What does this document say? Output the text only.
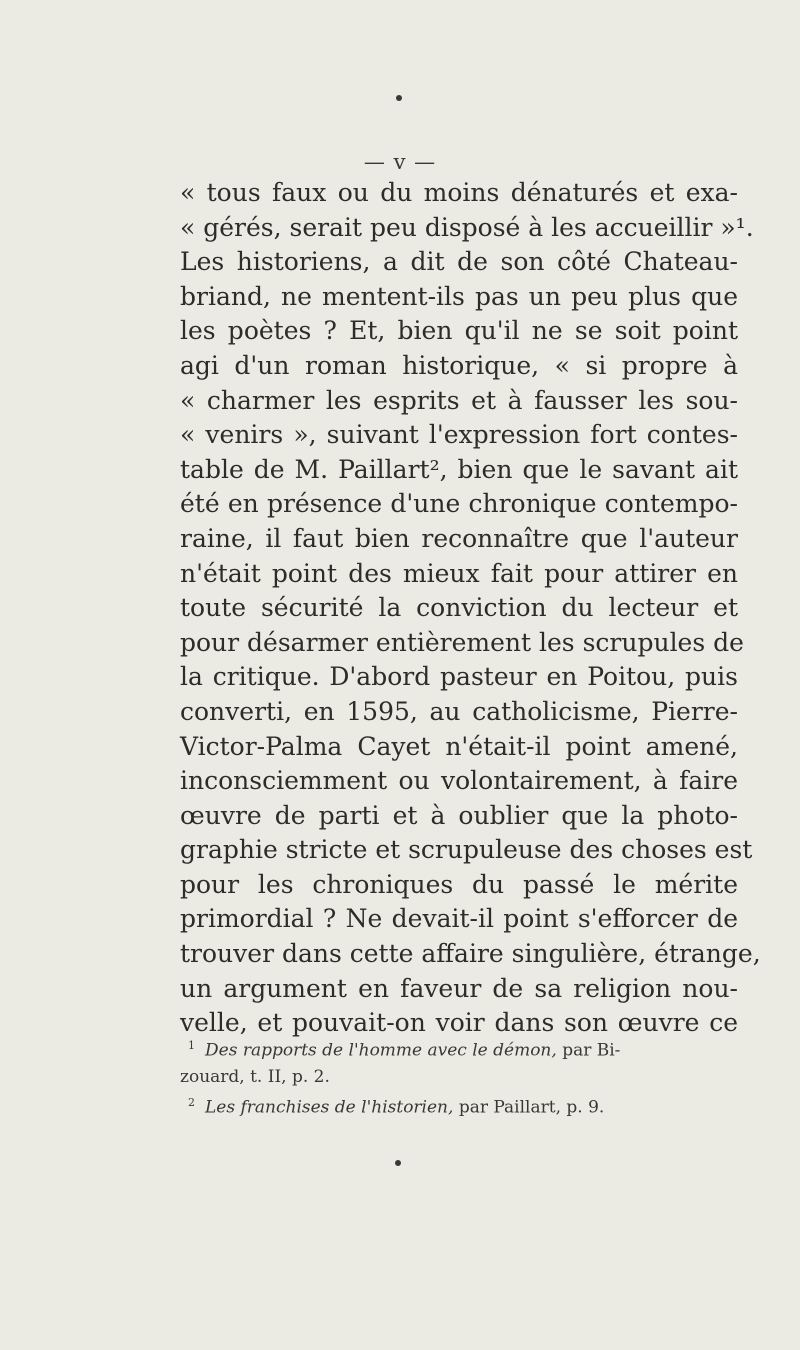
— v —
« tous faux ou du moins dénaturés et exa-
« gérés, serait peu disposé à les accueillir »¹.
Les historiens, a dit de son côté Chateau-
briand, ne mentent-ils pas un peu plus que
les poètes ? Et, bien qu'il ne se soit point
agi d'un roman historique, « si propre à
« charmer les esprits et à fausser les sou-
« venirs », suivant l'expression fort contes-
table de M. Paillart², bien que le savant ait
été en présence d'une chronique contempo-
raine, il faut bien reconnaître que l'auteur
n'était point des mieux fait pour attirer en
toute sécurité la conviction du lecteur et
pour désarmer entièrement les scrupules de
la critique. D'abord pasteur en Poitou, puis
converti, en 1595, au catholicisme, Pierre-
Victor-Palma Cayet n'était-il point amené,
inconsciemment ou volontairement, à faire
œuvre de parti et à oublier que la photo-
graphie stricte et scrupuleuse des choses est
pour les chroniques du passé le mérite
primordial ? Ne devait-il point s'efforcer de
trouver dans cette affaire singulière, étrange,
un argument en faveur de sa religion nou-
velle, et pouvait-on voir dans son œuvre ce
$^1$ Des rapports de l'homme avec le démon, par Bi-
zouard, t. II, p. 2.
$^2$ Les franchises de l'historien, par Paillart, p. 9.
